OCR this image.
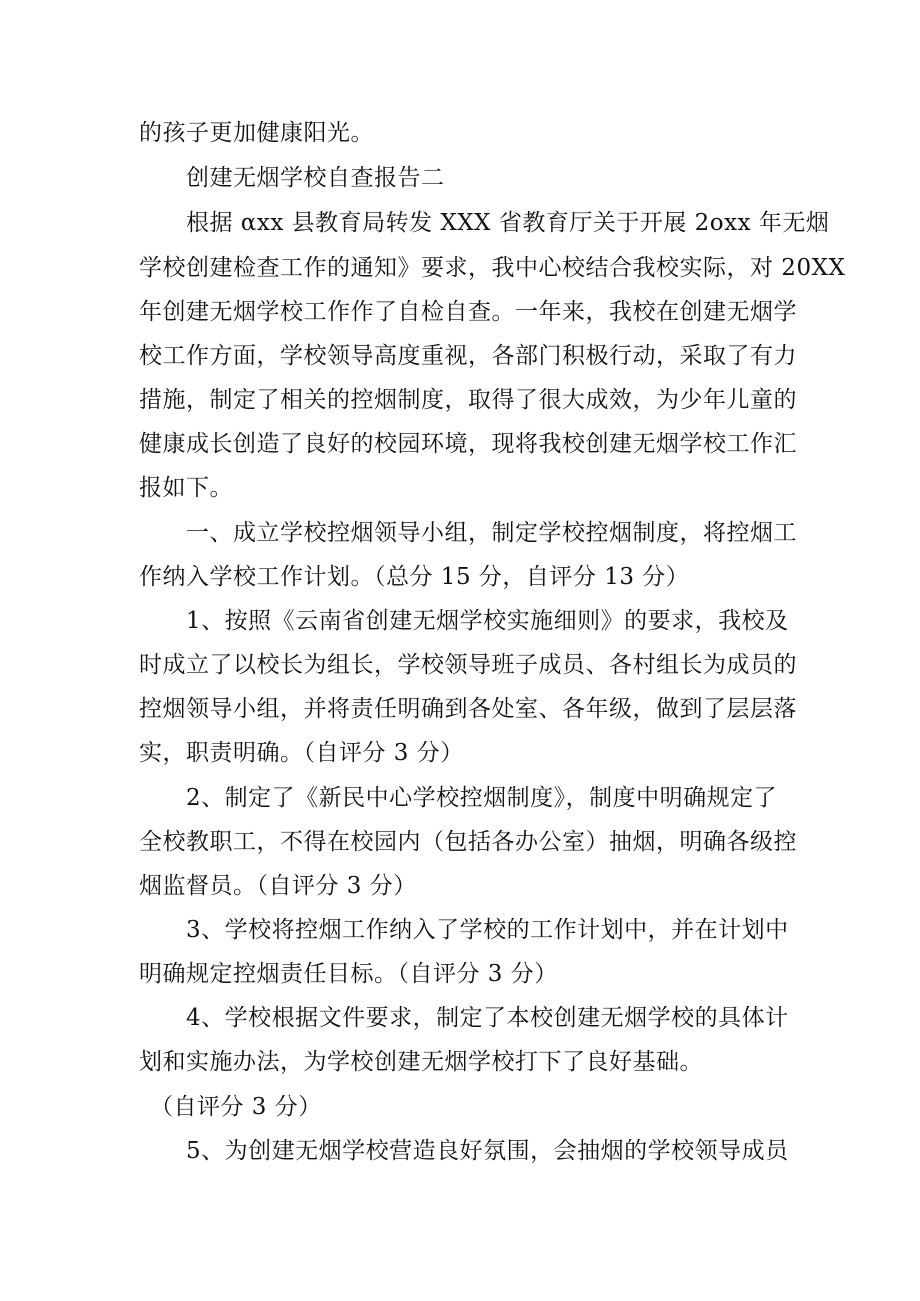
的孩子更加健康阳光。
创建无烟学校自查报告二
根据 αxx 县教育局转发 XXX 省教育厅关于开展 2oxx 年无烟
学校创建检查工作的通知》要求，我中心校结合我校实际，对 20XX
年创建无烟学校工作作了自检自查。一年来，我校在创建无烟学
校工作方面，学校领导高度重视，各部门积极行动，采取了有力
措施，制定了相关的控烟制度，取得了很大成效，为少年儿童的
健康成长创造了良好的校园环境，现将我校创建无烟学校工作汇
报如下。
一、成立学校控烟领导小组，制定学校控烟制度，将控烟工
作纳入学校工作计划。（总分 15 分，自评分 13 分）
1、按照《云南省创建无烟学校实施细则》的要求，我校及
时成立了以校长为组长，学校领导班子成员、各村组长为成员的
控烟领导小组，并将责任明确到各处室、各年级，做到了层层落
实，职责明确。（自评分 3 分）
2、制定了《新民中心学校控烟制度》，制度中明确规定了
全校教职工，不得在校园内（包括各办公室）抽烟，明确各级控
烟监督员。（自评分 3 分）
3、学校将控烟工作纳入了学校的工作计划中，并在计划中
明确规定控烟责任目标。（自评分 3 分）
4、学校根据文件要求，制定了本校创建无烟学校的具体计
划和实施办法，为学校创建无烟学校打下了良好基础。
（自评分 3 分）
5、为创建无烟学校营造良好氛围，会抽烟的学校领导成员
